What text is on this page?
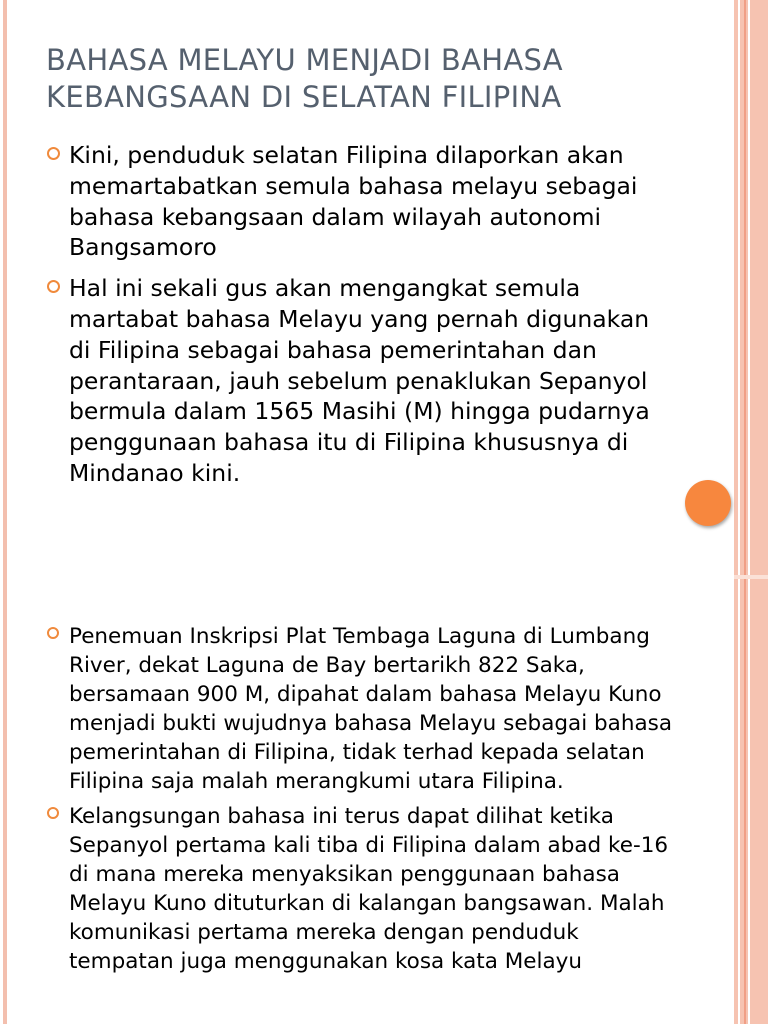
BAHASA MELAYU MENJADI BAHASA KEBANGSAAN DI SELATAN FILIPINA
Kini, penduduk selatan Filipina dilaporkan akan memartabatkan semula bahasa melayu sebagai bahasa kebangsaan dalam wilayah autonomi Bangsamoro
Hal ini sekali gus akan mengangkat semula martabat bahasa Melayu yang pernah digunakan di Filipina sebagai bahasa pemerintahan dan perantaraan, jauh sebelum penaklukan Sepanyol bermula dalam 1565 Masihi (M) hingga pudarnya penggunaan bahasa itu di Filipina khususnya di Mindanao kini.
Penemuan Inskripsi Plat Tembaga Laguna di Lumbang River, dekat Laguna de Bay bertarikh 822 Saka, bersamaan 900 M, dipahat dalam bahasa Melayu Kuno menjadi bukti wujudnya bahasa Melayu sebagai bahasa pemerintahan di Filipina, tidak terhad kepada selatan Filipina saja malah merangkumi utara Filipina.
Kelangsungan bahasa ini terus dapat dilihat ketika Sepanyol pertama kali tiba di Filipina dalam abad ke-16 di mana mereka menyaksikan penggunaan bahasa Melayu Kuno dituturkan di kalangan bangsawan. Malah komunikasi pertama mereka dengan penduduk tempatan juga menggunakan kosa kata Melayu
